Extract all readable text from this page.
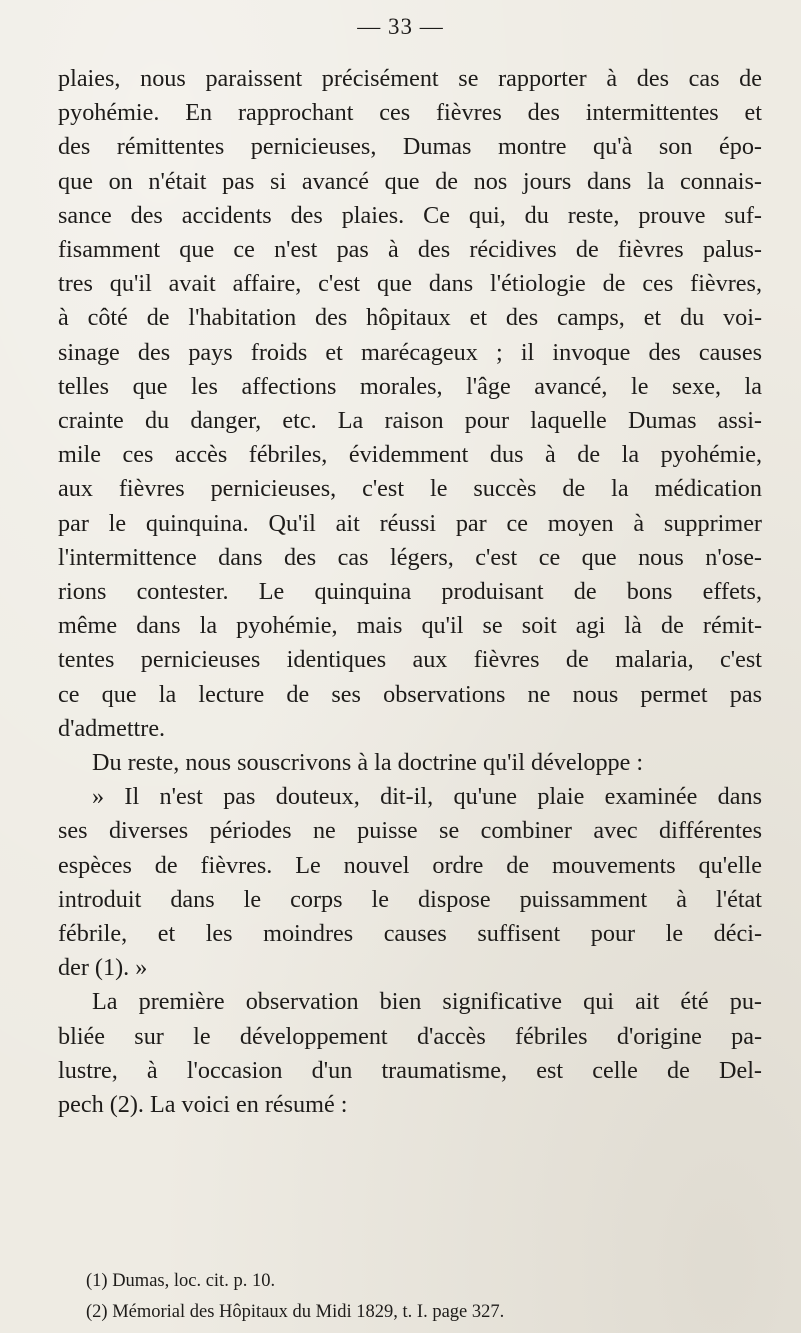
— 33 —
plaies, nous paraissent précisément se rapporter à des cas de
pyohémie. En rapprochant ces fièvres des intermittentes et
des rémittentes pernicieuses, Dumas montre qu'à son épo-
que on n'était pas si avancé que de nos jours dans la connais-
sance des accidents des plaies. Ce qui, du reste, prouve suf-
fisamment que ce n'est pas à des récidives de fièvres palus-
tres qu'il avait affaire, c'est que dans l'étiologie de ces fièvres,
à côté de l'habitation des hôpitaux et des camps, et du voi-
sinage des pays froids et marécageux ; il invoque des causes
telles que les affections morales, l'âge avancé, le sexe, la
crainte du danger, etc. La raison pour laquelle Dumas assi-
mile ces accès fébriles, évidemment dus à de la pyohémie,
aux fièvres pernicieuses, c'est le succès de la médication
par le quinquina. Qu'il ait réussi par ce moyen à supprimer
l'intermittence dans des cas légers, c'est ce que nous n'ose-
rions contester. Le quinquina produisant de bons effets,
même dans la pyohémie, mais qu'il se soit agi là de rémit-
tentes pernicieuses identiques aux fièvres de malaria, c'est
ce que la lecture de ses observations ne nous permet pas
d'admettre.
Du reste, nous souscrivons à la doctrine qu'il développe :
» Il n'est pas douteux, dit-il, qu'une plaie examinée dans
ses diverses périodes ne puisse se combiner avec différentes
espèces de fièvres. Le nouvel ordre de mouvements qu'elle
introduit dans le corps le dispose puissamment à l'état
fébrile, et les moindres causes suffisent pour le déci-
der (1). »
La première observation bien significative qui ait été pu-
bliée sur le développement d'accès fébriles d'origine pa-
lustre, à l'occasion d'un traumatisme, est celle de Del-
pech (2). La voici en résumé :
(1) Dumas, loc. cit. p. 10.
(2) Mémorial des Hôpitaux du Midi 1829, t. I. page 327.
